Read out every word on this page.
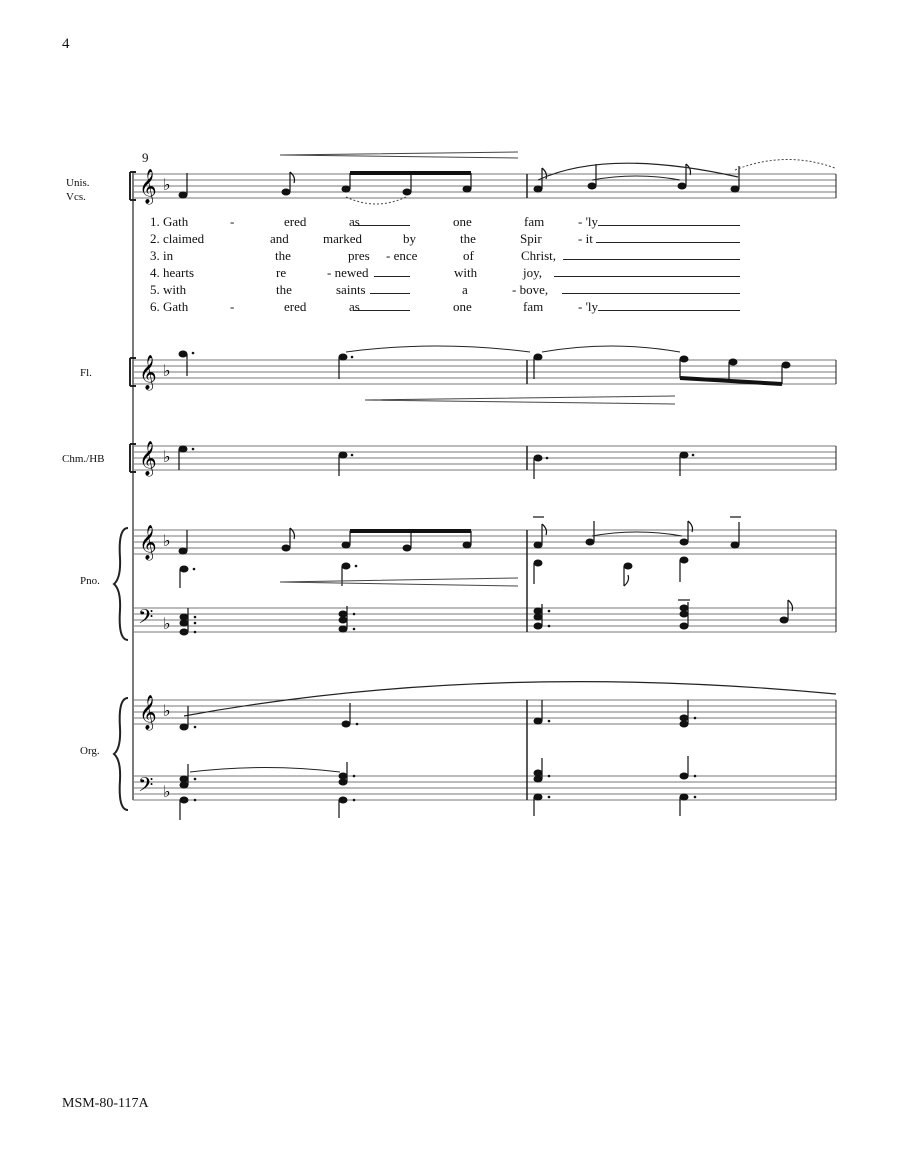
4
Unis.
Vcs.
Fl.
Chm./HB
Pno.
Org.
9
1. Gath	-	ered	as	one	fam	- 'ly
2. claimed	and	marked	by	the	Spir	- it
3. in	the	pres - ence	of	Christ,
4. hearts	re	- newed	with	joy,
5. with	the	saints	a	- bove,
6. Gath	-	ered	as	one	fam	- 'ly
𝄞 ♭
𝄞 ♭
𝄞 ♭
𝄞 ♭
𝄢 ♭
𝄞 ♭
𝄢 ♭
MSM-80-117A
